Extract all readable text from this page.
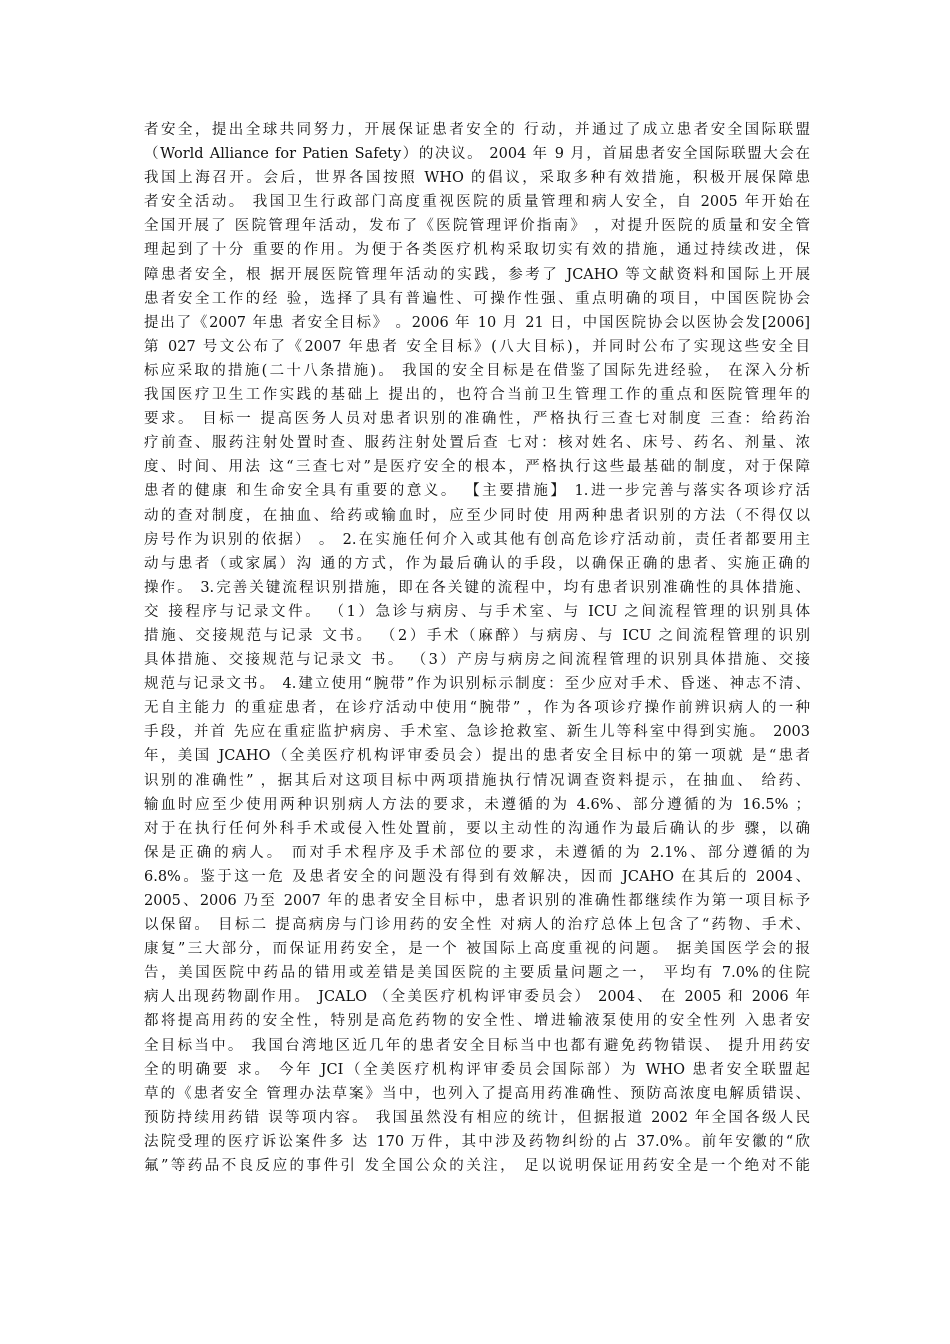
者安全，提出全球共同努力，开展保证患者安全的 行动，并通过了成立患者安全国际联盟
（World Alliance for Patien Safety）的决议。 2004 年 9 月，首届患者安全国际联盟大会在
我国上海召开。会后，世界各国按照 WHO 的倡议，采取多种有效措施，积极开展保障患
者安全活动。 我国卫生行政部门高度重视医院的质量管理和病人安全，自 2005 年开始在
全国开展了 医院管理年活动，发布了《医院管理评价指南》 ，对提升医院的质量和安全管
理起到了十分 重要的作用。为便于各类医疗机构采取切实有效的措施，通过持续改进，保
障患者安全，根 据开展医院管理年活动的实践，参考了 JCAHO 等文献资料和国际上开展
患者安全工作的经 验，选择了具有普遍性、可操作性强、重点明确的项目，中国医院协会
提出了《2007 年患 者安全目标》 。2006 年 10 月 21 日，中国医院协会以医协会发[2006]
第 027 号文公布了《2007 年患者 安全目标》(八大目标)，并同时公布了实现这些安全目
标应采取的措施(二十八条措施)。 我国的安全目标是在借鉴了国际先进经验， 在深入分析
我国医疗卫生工作实践的基础上 提出的，也符合当前卫生管理工作的重点和医院管理年的
要求。 目标一 提高医务人员对患者识别的准确性，严格执行三查七对制度 三查：给药治
疗前查、服药注射处置时查、服药注射处置后查 七对：核对姓名、床号、药名、剂量、浓
度、时间、用法 这“三查七对”是医疗安全的根本，严格执行这些最基础的制度，对于保障
患者的健康 和生命安全具有重要的意义。 【主要措施】 1.进一步完善与落实各项诊疗活
动的查对制度，在抽血、给药或输血时，应至少同时使 用两种患者识别的方法（不得仅以
房号作为识别的依据） 。 2.在实施任何介入或其他有创高危诊疗活动前，责任者都要用主
动与患者（或家属）沟 通的方式，作为最后确认的手段，以确保正确的患者、实施正确的
操作。 3.完善关键流程识别措施，即在各关键的流程中，均有患者识别准确性的具体措施、
交 接程序与记录文件。 （1）急诊与病房、与手术室、与 ICU 之间流程管理的识别具体
措施、交接规范与记录 文书。 （2）手术（麻醉）与病房、与 ICU 之间流程管理的识别
具体措施、交接规范与记录文 书。 （3）产房与病房之间流程管理的识别具体措施、交接
规范与记录文书。 4.建立使用“腕带”作为识别标示制度：至少应对手术、昏迷、神志不清、
无自主能力 的重症患者，在诊疗活动中使用“腕带” ，作为各项诊疗操作前辨识病人的一种
手段，并首 先应在重症监护病房、手术室、急诊抢救室、新生儿等科室中得到实施。 2003
年，美国 JCAHO（全美医疗机构评审委员会）提出的患者安全目标中的第一项就 是“患者
识别的准确性” ，据其后对这项目标中两项措施执行情况调查资料提示，在抽血、 给药、
输血时应至少使用两种识别病人方法的要求，未遵循的为 4.6%、部分遵循的为 16.5% ；
对于在执行任何外科手术或侵入性处置前，要以主动性的沟通作为最后确认的步 骤，以确
保是正确的病人。 而对手术程序及手术部位的要求，未遵循的为 2.1%、部分遵循的为
6.8%。鉴于这一危 及患者安全的问题没有得到有效解决，因而 JCAHO 在其后的 2004、
2005、2006 乃至 2007 年的患者安全目标中，患者识别的准确性都继续作为第一项目标予
以保留。 目标二 提高病房与门诊用药的安全性 对病人的治疗总体上包含了“药物、手术、
康复”三大部分，而保证用药安全，是一个 被国际上高度重视的问题。 据美国医学会的报
告，美国医院中药品的错用或差错是美国医院的主要质量问题之一， 平均有 7.0%的住院
病人出现药物副作用。 JCALO （全美医疗机构评审委员会） 2004、 在 2005 和 2006 年
都将提高用药的安全性，特别是高危药物的安全性、增进输液泵使用的安全性列 入患者安
全目标当中。 我国台湾地区近几年的患者安全目标当中也都有避免药物错误、 提升用药安
全的明确要 求。 今年 JCI（全美医疗机构评审委员会国际部）为 WHO 患者安全联盟起
草的《患者安全 管理办法草案》当中，也列入了提高用药准确性、预防高浓度电解质错误、
预防持续用药错 误等项内容。 我国虽然没有相应的统计，但据报道 2002 年全国各级人民
法院受理的医疗诉讼案件多 达 170 万件，其中涉及药物纠纷的占 37.0%。前年安徽的“欣
氟”等药品不良反应的事件引 发全国公众的关注， 足以说明保证用药安全是一个绝对不能
